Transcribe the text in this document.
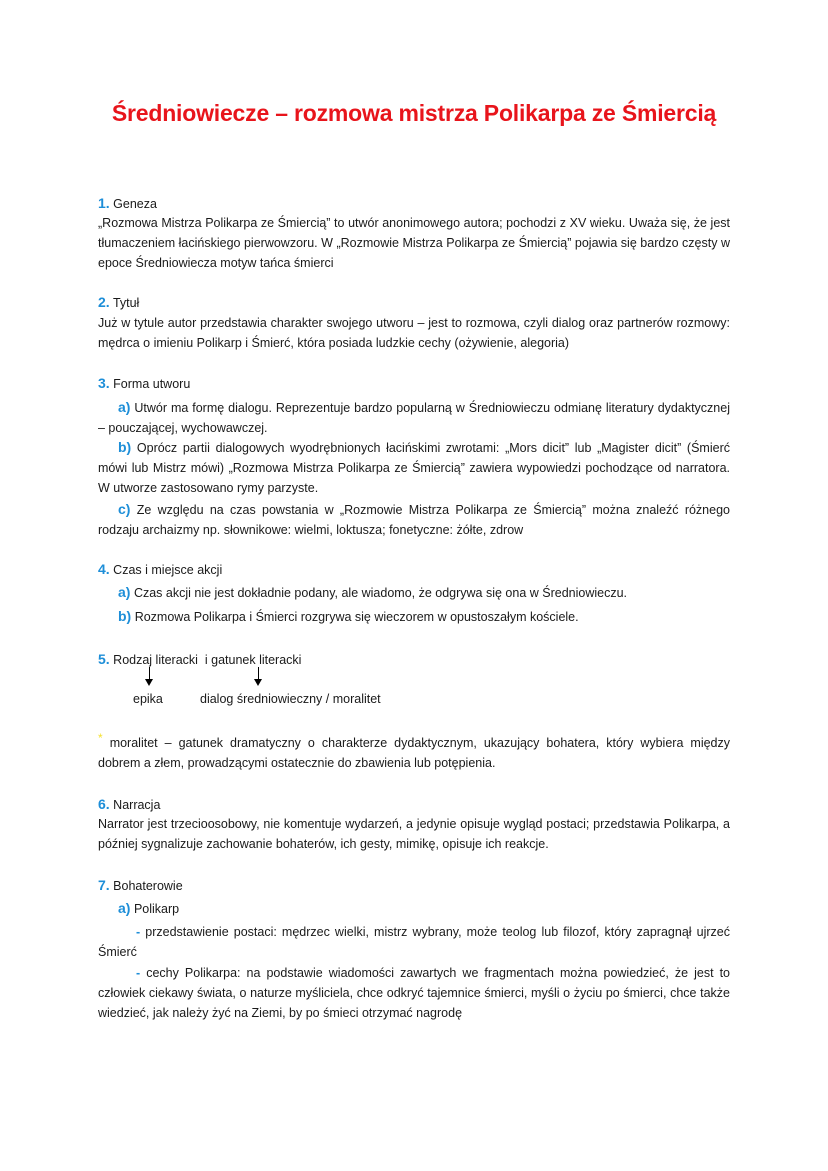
Średniowiecze – rozmowa mistrza Polikarpa ze Śmiercią
1. Geneza
„Rozmowa Mistrza Polikarpa ze Śmiercią” to utwór anonimowego autora; pochodzi z XV wieku. Uważa się, że jest tłumaczeniem łacińskiego pierwowzoru. W „Rozmowie Mistrza Polikarpa ze Śmiercią” pojawia się bardzo częsty w epoce Średniowiecza motyw tańca śmierci
2. Tytuł
Już w tytule autor przedstawia charakter swojego utworu – jest to rozmowa, czyli dialog oraz partnerów rozmowy: mędrca o imieniu Polikarp i Śmierć, która posiada ludzkie cechy (ożywienie, alegoria)
3. Forma utworu
a) Utwór ma formę dialogu. Reprezentuje bardzo popularną w Średniowieczu odmianę literatury dydaktycznej – pouczającej, wychowawczej.
b) Oprócz partii dialogowych wyodrębnionych łacińskimi zwrotami: „Mors dicit” lub „Magister dicit” (Śmierć mówi lub Mistrz mówi) „Rozmowa Mistrza Polikarpa ze Śmiercią” zawiera wypowiedzi pochodzące od narratora. W utworze zastosowano rymy parzyste.
c) Ze względu na czas powstania w „Rozmowie Mistrza Polikarpa ze Śmiercią” można znaleźć różnego rodzaju archaizmy np. słownikowe: wielmi, loktusza; fonetyczne: żółte, zdrow
4. Czas i miejsce akcji
a) Czas akcji nie jest dokładnie podany, ale wiadomo, że odgrywa się ona w Średniowieczu.
b) Rozmowa Polikarpa i Śmierci rozgrywa się wieczorem w opustoszałym kościele.
5. Rodzaj literacki  i gatunek literacki
epika	dialog średniowieczny / moralitet
* moralitet – gatunek dramatyczny o charakterze dydaktycznym, ukazujący bohatera, który wybiera między dobrem a złem, prowadzącymi ostatecznie do zbawienia lub potępienia.
6. Narracja
Narrator jest trzecioosobowy, nie komentuje wydarzeń, a jedynie opisuje wygląd postaci; przedstawia Polikarpa, a później sygnalizuje zachowanie bohaterów, ich gesty, mimikę, opisuje ich reakcje.
7. Bohaterowie
a) Polikarp
- przedstawienie postaci: mędrzec wielki, mistrz wybrany, może teolog lub filozof, który zapragnął ujrzeć Śmierć
- cechy Polikarpa: na podstawie wiadomości zawartych we fragmentach można powiedzieć, że jest to człowiek ciekawy świata, o naturze myśliciela, chce odkryć tajemnice śmierci, myśli o życiu po śmierci, chce także wiedzieć, jak należy żyć na Ziemi, by po śmieci otrzymać nagrodę
